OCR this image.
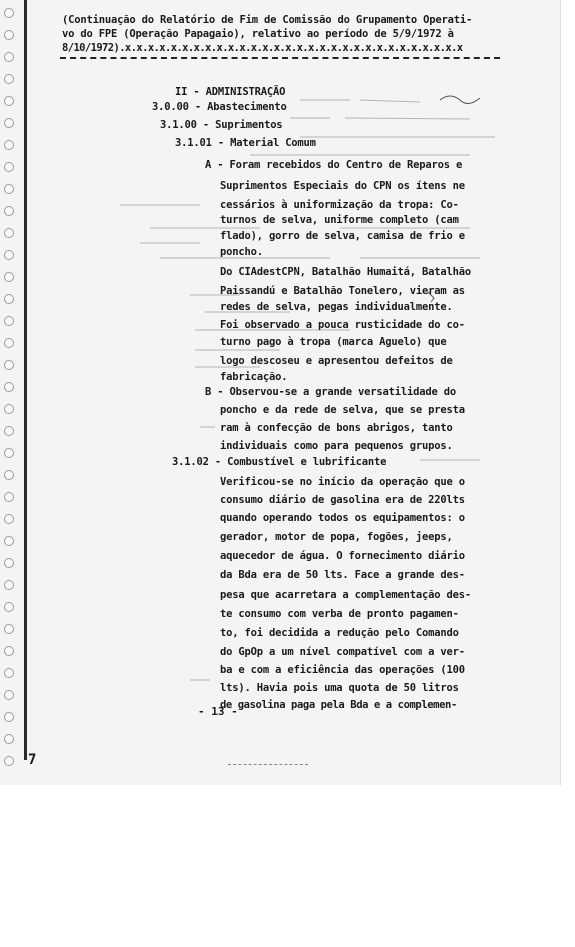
(Continuação do Relatório de Fim de Comissão do Grupamento Operati-
vo do FPE (Operação Papagaio), relativo ao período de 5/9/1972 à
8/10/1972).x.x.x.x.x.x.x.x.x.x.x.x.x.x.x.x.x.x.x.x.x.x.x.x.x.x.x.x.x.x
II - ADMINISTRAÇÃO
3.0.00 - Abastecimento
3.1.00 - Suprimentos
3.1.01 - Material Comum
A - Foram recebidos do Centro de Reparos e
Suprimentos Especiais do CPN os ítens ne
cessários à uniformização da tropa: Co-
turnos de selva, uniforme completo (cam
flado), gorro de selva, camisa de frio e
poncho.
Do CIAdestCPN, Batalhão Humaitá, Batalhão
Paissandú e Batalhão Tonelero, vieram as
redes de selva, pegas individualmente.
Foi observado a pouca rusticidade do co-
turno pago à tropa (marca Aguelo) que
logo descoseu e apresentou defeitos de
fabricação.
B - Observou-se a grande versatilidade do
poncho e da rede de selva, que se presta
ram à confecção de bons abrigos, tanto
individuais como para pequenos grupos.
3.1.02 - Combustível e lubrificante
Verificou-se no início da operação que o
consumo diário de gasolina era de 220lts
quando operando todos os equipamentos: o
gerador, motor de popa, fogões, jeeps,
aquecedor de água. O fornecimento diário
da Bda era de 50 lts. Face a grande des-
pesa que acarretara a complementação des-
te consumo com verba de pronto pagamen-
to, foi decidida a redução pelo Comando
do GpOp a um nível compatível com a ver-
ba e com a eficiência das operações (100
lts). Havia pois uma quota de 50 litros
de gasolina paga pela Bda e a complemen-
- 13 -
7
